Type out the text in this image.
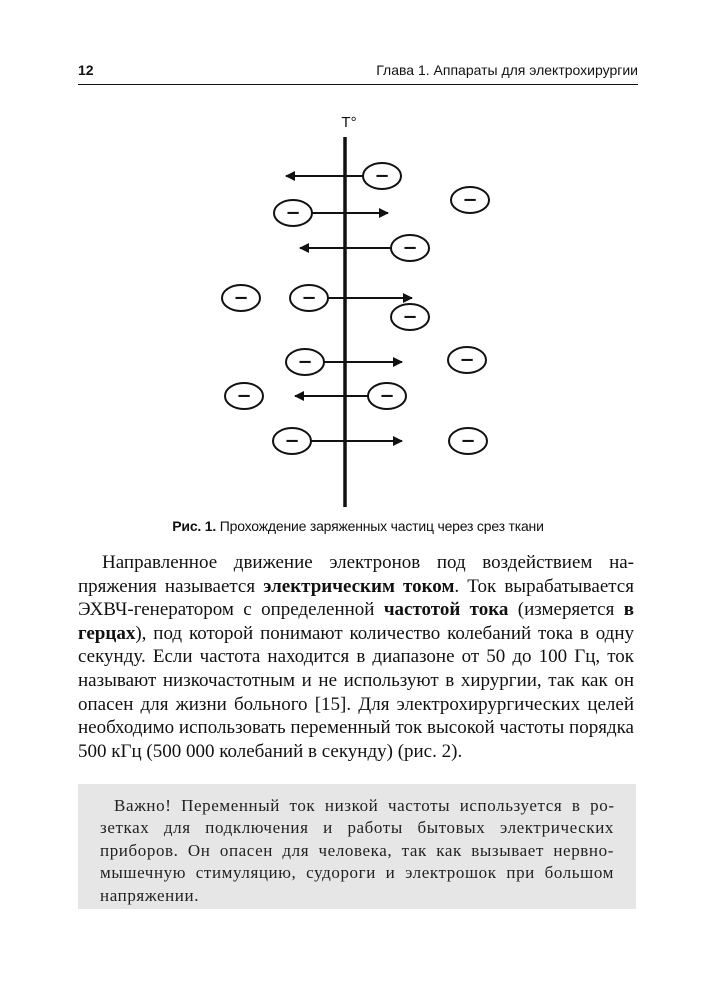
12	Глава 1. Аппараты для электрохирургии
T°
−
−
−
−
−	−
−
−	−
−	−
−	−
Рис. 1. Прохождение заряженных частиц через срез ткани

Направленное движение электронов под воздействием напряжения называется электрическим током. Ток вырабатывается ЭХВЧ-генератором с определенной частотой тока (измеряется в герцах), под которой понимают количество колебаний тока в одну секунду. Если частота находится в диапазоне от 50 до 100 Гц, ток называют низкочастотным и не используют в хирургии, так как он опасен для жизни больного [15]. Для электрохирургических целей необходимо использовать переменный ток высокой частоты порядка 500 кГц (500 000 колебаний в секунду) (рис. 2).

Важно! Переменный ток низкой частоты используется в розетках для подключения и работы бытовых электрических приборов. Он опасен для человека, так как вызывает нервно-мышечную стимуляцию, судороги и электрошок при большом напряжении.
